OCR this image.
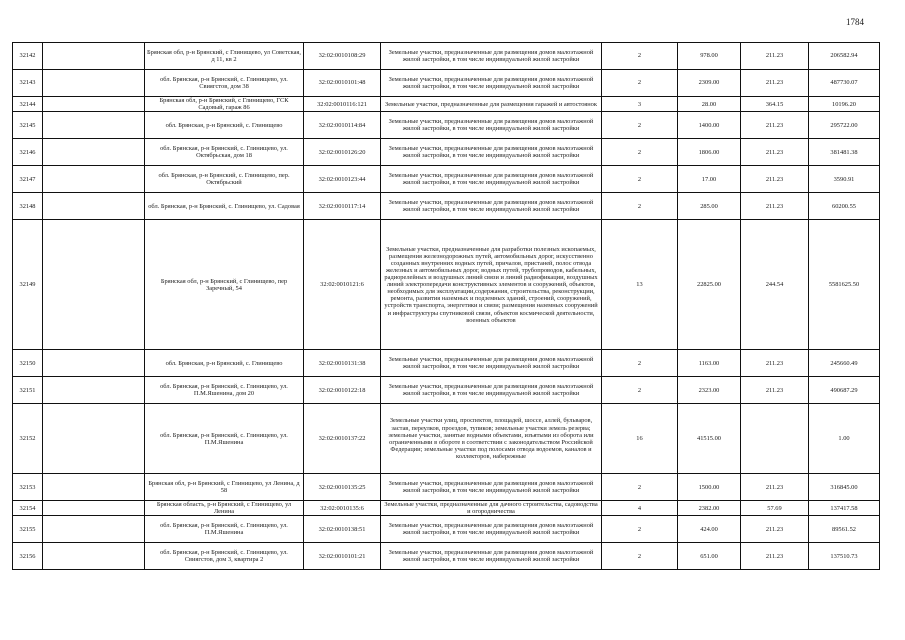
1784
32142		Брянская обл, р-н Брянский, с Глинищево, ул Советская, д 11, кв 2	32:02:0010108:29	Земельные участки, предназначенные для размещения домов малоэтажной жилой застройки, в том числе индивидуальной жилой застройки	2	978.00	211.23	206582.94
32143		обл. Брянская, р-н Брянский, с. Глинищево, ул. Свиягстов, дом 38	32:02:0010101:48	Земельные участки, предназначенные для размещения домов малоэтажной жилой застройки, в том числе индивидуальной жилой застройки	2	2309.00	211.23	487730.07
32144		Брянская обл, р-н Брянский, с Глинищево, ГСК Садовый, гараж 86	32:02:0010116:121	Земельные участки, предназначенные для размещения гаражей и автостоянок	3	28.00	364.15	10196.20
32145		обл. Брянская, р-н Брянский, с. Глинищево	32:02:0010114:84	Земельные участки, предназначенные для размещения домов малоэтажной жилой застройки, в том числе индивидуальной жилой застройки	2	1400.00	211.23	295722.00
32146		обл. Брянская, р-н Брянский, с. Глинищево, ул. Октябрьская, дом 18	32:02:0010126:20	Земельные участки, предназначенные для размещения домов малоэтажной жилой застройки, в том числе индивидуальной жилой застройки	2	1806.00	211.23	381481.38
32147		обл. Брянская, р-н Брянский, с. Глинищево, пер. Октябрьский	32:02:0010123:44	Земельные участки, предназначенные для размещения домов малоэтажной жилой застройки, в том числе индивидуальной жилой застройки	2	17.00	211.23	3590.91
32148		обл. Брянская, р-н Брянский, с. Глинищево, ул. Садовая	32:02:0010117:14	Земельные участки, предназначенные для размещения домов малоэтажной жилой застройки, в том числе индивидуальной жилой застройки	2	285.00	211.23	60200.55
32149		Брянская обл, р-н Брянский, с Глинищево, пер Заречный, 54	32:02:0010121:6	Земельные участки, предназначенные для разработки полезных ископаемых, размещения железнодорожных путей, автомобильных дорог, искусственно созданных внутренних водных путей, причалов, пристаней, полос отвода железных и автомобильных дорог, водных путей, трубопроводов, кабельных, радиорелейных и воздушных линий связи и линий радиофикации, воздушных линий электропередачи конструктивных элементов и сооружений, объектов, необходимых для эксплуатации,содержания, строительства, реконструкции, ремонта, развития наземных и подземных зданий, строений, сооружений, устройств транспорта, энергетики и связи; размещения наземных сооружений и инфраструктуры спутниковой связи, объектов космической деятельности, военных объектов	13	22825.00	244.54	5581625.50
32150		обл. Брянская, р-н Брянский, с. Глинищево	32:02:0010131:38	Земельные участки, предназначенные для размещения домов малоэтажной жилой застройки, в том числе индивидуальной жилой застройки	2	1163.00	211.23	245660.49
32151		обл. Брянская, р-н Брянский, с. Глинищево, ул. П.М.Яшенина, дом 20	32:02:0010122:18	Земельные участки, предназначенные для размещения домов малоэтажной жилой застройки, в том числе индивидуальной жилой застройки	2	2323.00	211.23	490687.29
32152		обл. Брянская, р-н Брянский, с. Глинищево, ул. П.М.Яшенина	32:02:0010137:22	Земельные участки улиц, проспектов, площадей, шоссе, аллей, бульваров, застав, переулков, проездов, тупиков; земельные участки земель резерва; земельные участки, занятые водными объектами, изъятыми из оборота или ограниченными в обороте в соответствии с законодательством Российской Федерации; земельные участки под полосами отвода водоемов, каналов и коллекторов, набережные	16	41515.00		1.00
32153		Брянская обл, р-н Брянский, с Глинищево, ул Ленина, д 58	32:02:0010135:25	Земельные участки, предназначенные для размещения домов малоэтажной жилой застройки, в том числе индивидуальной жилой застройки	2	1500.00	211.23	316845.00
32154		Брянская область, р-н Брянский, с Глинищево, ул Ленина	32:02:0010135:6	Земельные участки, предназначенные для дачного строительства, садоводства и огородничества	4	2382.00	57.69	137417.58
32155		обл. Брянская, р-н Брянский, с. Глинищево, ул. П.М.Яшенина	32:02:0010138:51	Земельные участки, предназначенные для размещения домов малоэтажной жилой застройки, в том числе индивидуальной жилой застройки	2	424.00	211.23	89561.52
32156		обл. Брянская, р-н Брянский, с. Глинищево, ул. Свиягстов, дом 3, квартира 2	32:02:0010101:21	Земельные участки, предназначенные для размещения домов малоэтажной жилой застройки, в том числе индивидуальной жилой застройки	2	651.00	211.23	137510.73
